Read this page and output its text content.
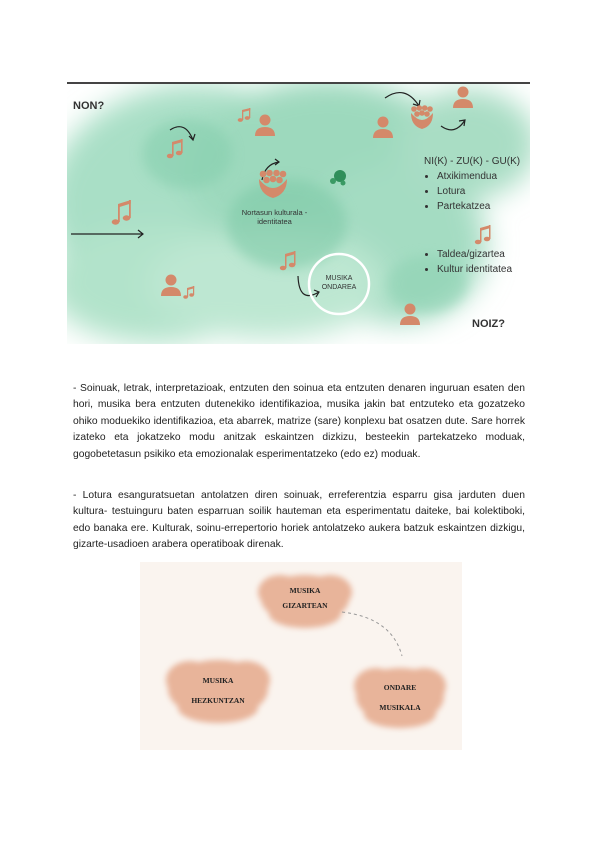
NON?
NOIZ?
Nortasun kulturala -
identitatea
MUSIKA
ONDAREA
NI(K) - ZU(K) - GU(K)
• Atxikimendua
• Lotura
• Partekatzea
• Taldea/gizartea
• Kultur identitatea

- Soinuak, letrak, interpretazioak, entzuten den soinua eta entzuten denaren inguruan esaten den hori, musika bera entzuten dutenekiko identifikazioa, musika jakin bat entzuteko eta gozatzeko ohiko moduekiko identifikazioa, eta abarrek, matrize (sare) konplexu bat osatzen dute. Sare horrek izateko eta jokatzeko modu anitzak eskaintzen dizkizu, besteekin partekatzeko moduak, gogobetetasun psikiko eta emozionalak esperimentatzeko (edo ez) moduak.

- Lotura esanguratsuetan antolatzen diren soinuak, erreferentzia esparru gisa jarduten duen kultura- testuinguru baten esparruan soilik hauteman eta esperimentatu daiteke, bai kolektiboki, edo banaka ere. Kulturak, soinu-errepertorio horiek antolatzeko aukera batzuk eskaintzen dizkigu, gizarte-usadioen arabera operatiboak direnak.

MUSIKA
GIZARTEAN
MUSIKA
HEZKUNTZAN
ONDARE
MUSIKALA
